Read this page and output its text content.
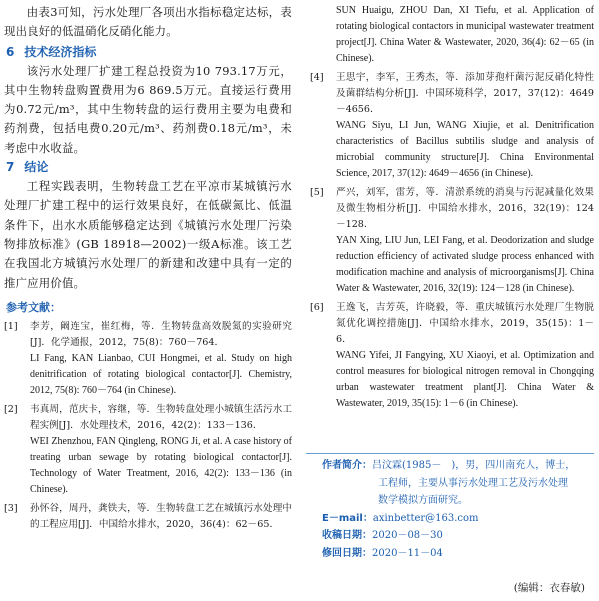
由表3可知，污水处理厂各项出水指标稳定达标，表现出良好的低温硝化反硝化能力。

6 技术经济指标

该污水处理厂扩建工程总投资为10 793.17万元，其中生物转盘购置费用为6 869.5万元。直接运行费用为0.72元/m³，其中生物转盘的运行费用主要为电费和药剂费，包括电费0.20元/m³、药剂费0.18元/m³，未考虑中水收益。

7 结论

工程实践表明，生物转盘工艺在平凉市某城镇污水处理厂扩建工程中的运行效果良好，在低碳氮比、低温条件下，出水水质能够稳定达到《城镇污水处理厂污染物排放标准》(GB 18918—2002)一级A标准。该工艺在我国北方城镇污水处理厂的新建和改建中具有一定的推广应用价值。

参考文献：
[1] 李芳，阚连宝，崔红梅，等．生物转盘高效脱氮的实验研究[J]．化学通报，2012，75(8)：760－764．

LI Fang, KAN Lianbao, CUI Hongmei, et al. Study on high denitrification of rotating biological contactor[J]. Chemistry, 2012, 75(8): 760－764 (in Chinese).

[2] 韦真周，范庆卡，容继，等．生物转盘处理小城镇生活污水工程实例[J]．水处理技术，2016，42(2)：133－136．

WEI Zhenzhou, FAN Qingleng, RONG Ji, et al. A case history of treating urban sewage by rotating biological contactor[J]. Technology of Water Treatment, 2016, 42(2): 133－136 (in Chinese).

[3] 孙怀谷，周丹，龚铁夫，等．生物转盘工艺在城镇污水处理中的工程应用[J]．中国给水排水，2020，36(4)：62－65．

SUN Huaigu, ZHOU Dan, XI Tiefu, et al. Application of rotating biological contactors in municipal wastewater treatment project[J]. China Water & Wastewater, 2020, 36(4): 62－65 (in Chinese).

[4] 王思宇，李军，王秀杰，等．添加芽孢杆菌污泥反硝化特性及菌群结构分析[J]．中国环境科学，2017，37(12)：4649－4656．

WANG Siyu, LI Jun, WANG Xiujie, et al. Denitrification characteristics of Bacillus subtilis sludge and analysis of microbial community structure[J]. China Environmental Science, 2017, 37(12): 4649－4656 (in Chinese).

[5] 严兴，刘军，雷芳，等．清淤系统的消臭与污泥减量化效果及微生物相分析[J]．中国给水排水，2016，32(19)：124－128．

YAN Xing, LIU Jun, LEI Fang, et al. Deodorization and sludge reduction efficiency of activated sludge process enhanced with modification machine and analysis of microorganisms[J]. China Water & Wastewater, 2016, 32(19): 124－128 (in Chinese).

[6] 王逸飞，吉芳英，许晓毅，等．重庆城镇污水处理厂生物脱氮优化调控措施[J]．中国给水排水，2019，35(15)：1－6．

WANG Yifei, JI Fangying, XU Xiaoyi, et al. Optimization and control measures for biological nitrogen removal in Chongqing urban wastewater treatment plant[J]. China Water & Wastewater, 2019, 35(15): 1－6 (in Chinese).

作者简介：吕汶霖(1985－　)，男，四川南充人，博士，
工程师，主要从事污水处理工艺及污水处理
数学模拟方面研究。
E－mail：axinbetter@163.com
收稿日期：2020－08－30
修回日期：2020－11－04
(编辑：衣春敏)
